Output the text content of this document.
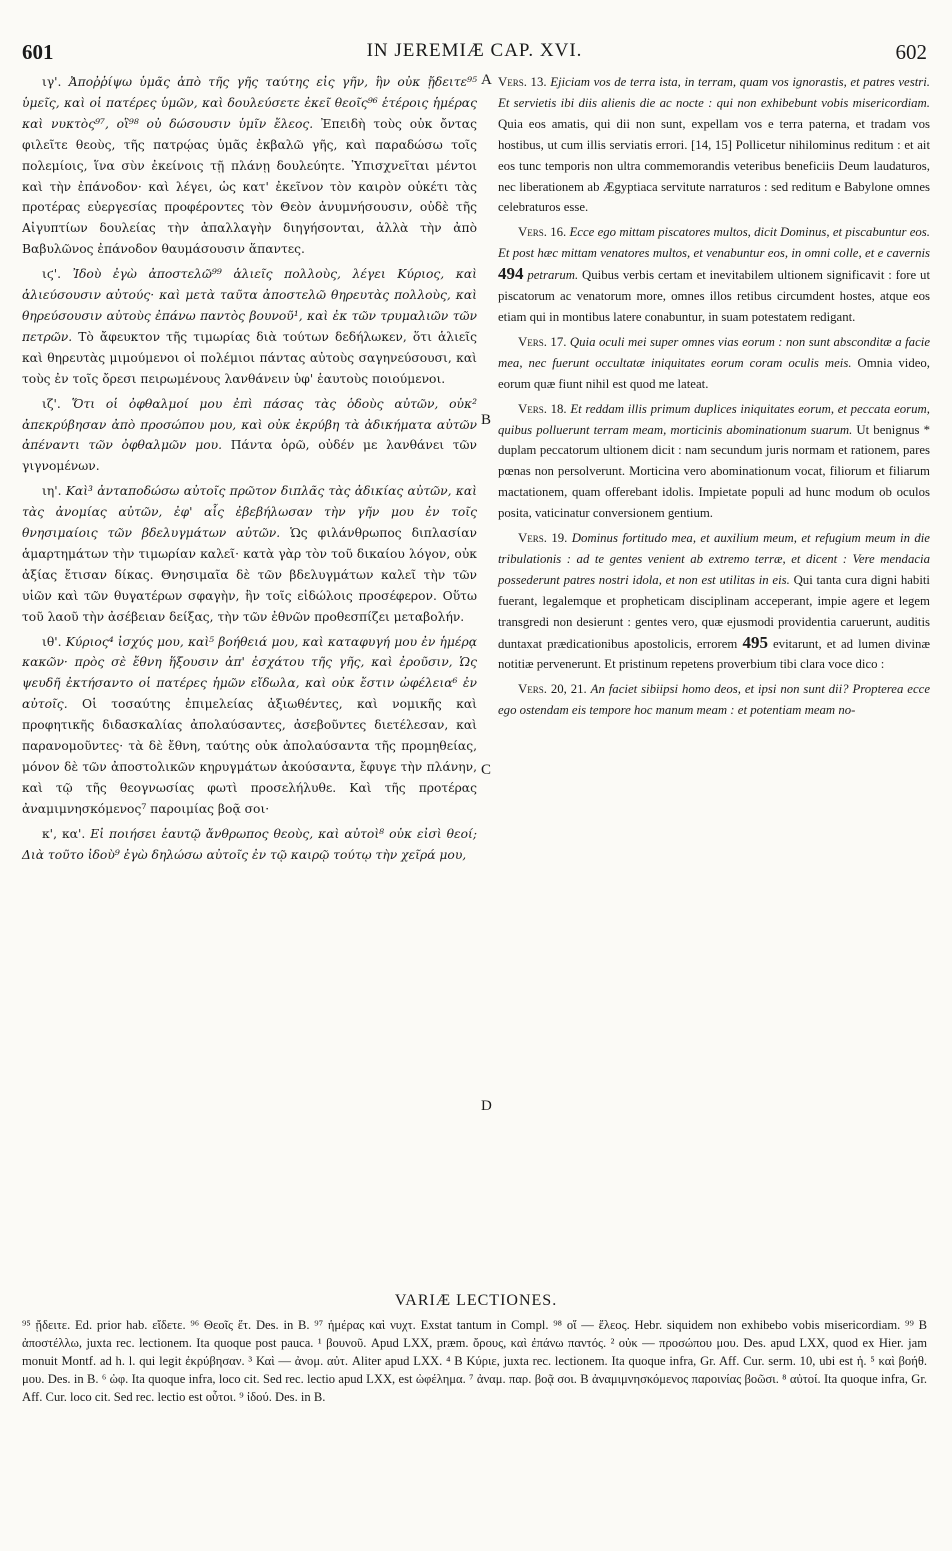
601	IN JEREMIÆ CAP. XVI.	602

ιγ'. Ἀποῤῥίψω ὑμᾶς ἀπὸ τῆς γῆς ταύτης εἰς γῆν, ἣν οὐκ ᾔδειτε⁹⁵ ὑμεῖς, καὶ οἱ πατέρες ὑμῶν, καὶ δουλεύσετε ἐκεῖ θεοῖς⁹⁶ ἑτέροις ἡμέρας καὶ νυκτὸς⁹⁷, οἳ⁹⁸ οὐ δώσουσιν ὑμῖν ἔλεος. Ἐπειδὴ τοὺς οὐκ ὄντας φιλεῖτε θεοὺς, τῆς πατρῴας ὑμᾶς ἐκβαλῶ γῆς, καὶ παραδώσω τοῖς πολεμίοις, ἵνα σὺν ἐκείνοις τῇ πλάνῃ δουλεύητε. Ὑπισχνεῖται μέντοι καὶ τὴν ἐπάνοδον· καὶ λέγει, ὡς κατ' ἐκεῖνον τὸν καιρὸν οὐκέτι τὰς προτέρας εὐεργεσίας προφέροντες τὸν Θεὸν ἀνυμνήσουσιν, οὐδὲ τῆς Αἰγυπτίων δουλείας τὴν ἀπαλλαγὴν διηγήσονται, ἀλλὰ τὴν ἀπὸ Βαβυλῶνος ἐπάνοδον θαυμάσουσιν ἅπαντες.

ιϛ'. Ἰδοὺ ἐγὼ ἀποστελῶ⁹⁹ ἁλιεῖς πολλοὺς, λέγει Κύριος, καὶ ἁλιεύσουσιν αὐτούς· καὶ μετὰ ταῦτα ἀποστελῶ θηρευτὰς πολλοὺς, καὶ θηρεύσουσιν αὐτοὺς ἐπάνω παντὸς βουνοῦ¹, καὶ ἐκ τῶν τρυμαλιῶν τῶν πετρῶν. Τὸ ἄφευκτον τῆς τιμωρίας διὰ τούτων δεδήλωκεν, ὅτι ἁλιεῖς καὶ θηρευτὰς μιμούμενοι οἱ πολέμιοι πάντας αὐτοὺς σαγηνεύσουσι, καὶ τοὺς ἐν τοῖς ὄρεσι πειρωμένους λανθάνειν ὑφ' ἑαυτοὺς ποιούμενοι.

ιζ'. Ὅτι οἱ ὀφθαλμοί μου ἐπὶ πάσας τὰς ὁδοὺς αὐτῶν, οὐκ² ἀπεκρύβησαν ἀπὸ προσώπου μου, καὶ οὐκ ἐκρύβη τὰ ἀδικήματα αὐτῶν ἀπέναντι τῶν ὀφθαλμῶν μου. Πάντα ὁρῶ, οὐδέν με λανθάνει τῶν γιγνομένων.

ιη'. Καὶ³ ἀνταποδώσω αὐτοῖς πρῶτον διπλᾶς τὰς ἀδικίας αὐτῶν, καὶ τὰς ἀνομίας αὐτῶν, ἐφ' αἷς ἐβεβήλωσαν τὴν γῆν μου ἐν τοῖς θνησιμαίοις τῶν βδελυγμάτων αὐτῶν. Ὡς φιλάνθρωπος διπλασίαν ἁμαρτημάτων τὴν τιμωρίαν καλεῖ· κατὰ γὰρ τὸν τοῦ δικαίου λόγον, οὐκ ἀξίας ἔτισαν δίκας. Θνησιμαῖα δὲ τῶν βδελυγμάτων καλεῖ τὴν τῶν υἱῶν καὶ τῶν θυγατέρων σφαγὴν, ἣν τοῖς εἰδώλοις προσέφερον. Οὕτω τοῦ λαοῦ τὴν ἀσέβειαν δείξας, τὴν τῶν ἐθνῶν προθεσπίζει μεταβολήν.

ιθ'. Κύριος⁴ ἰσχύς μου, καὶ⁵ βοήθειά μου, καὶ καταφυγή μου ἐν ἡμέρᾳ κακῶν· πρὸς σὲ ἔθνη ἥξουσιν ἀπ' ἐσχάτου τῆς γῆς, καὶ ἐροῦσιν, Ὡς ψευδῆ ἐκτήσαντο οἱ πατέρες ἡμῶν εἴδωλα, καὶ οὐκ ἔστιν ὠφέλεια⁶ ἐν αὐτοῖς. Οἱ τοσαύτης ἐπιμελείας ἀξιωθέντες, καὶ νομικῆς καὶ προφητικῆς διδασκαλίας ἀπολαύσαντες, ἀσεβοῦντες διετέλεσαν, καὶ παρανομοῦντες· τὰ δὲ ἔθνη, ταύτης οὐκ ἀπολαύσαντα τῆς προμηθείας, μόνον δὲ τῶν ἀποστολικῶν κηρυγμάτων ἀκούσαντα, ἔφυγε τὴν πλάνην, καὶ τῷ τῆς θεογνωσίας φωτὶ προσελήλυθε. Καὶ τῆς προτέρας ἀναμιμνησκόμενος⁷ παροιμίας βοᾷ σοι·

κ', κα'. Εἰ ποιήσει ἑαυτῷ ἄνθρωπος θεοὺς, καὶ αὐτοὶ⁸ οὐκ εἰσὶ θεοί; Διὰ τοῦτο ἰδοὺ⁹ ἐγὼ δηλώσω αὐτοῖς ἐν τῷ καιρῷ τούτῳ τὴν χεῖρά μου,

A
B
C
D

Vers. 13. Ejiciam vos de terra ista, in terram, quam vos ignorastis, et patres vestri. Et servietis ibi diis alienis die ac nocte : qui non exhibebunt vobis misericordiam. Quia eos amatis, qui dii non sunt, expellam vos e terra paterna, et tradam vos hostibus, ut cum illis serviatis errori. [14, 15] Pollicetur nihilominus reditum : et ait eos tunc temporis non ultra commemorandis veteribus beneficiis Deum laudaturos, nec liberationem ab Ægyptiaca servitute narraturos : sed reditum e Babylone omnes celebraturos esse.

Vers. 16. Ecce ego mittam piscatores multos, dicit Dominus, et piscabuntur eos. Et post hæc mittam venatores multos, et venabuntur eos, in omni colle, et e cavernis 494 petrarum. Quibus verbis certam et inevitabilem ultionem significavit : fore ut piscatorum ac venatorum more, omnes illos retibus circumdent hostes, atque eos etiam qui in montibus latere conabuntur, in suam potestatem redigant.

Vers. 17. Quia oculi mei super omnes vias eorum : non sunt absconditæ a facie mea, nec fuerunt occultatæ iniquitates eorum coram oculis meis. Omnia video, eorum quæ fiunt nihil est quod me lateat.

Vers. 18. Et reddam illis primum duplices iniquitates eorum, et peccata eorum, quibus polluerunt terram meam, morticinis abominationum suarum. Ut benignus * duplam peccatorum ultionem dicit : nam secundum juris normam et rationem, pares pœnas non persolverunt. Morticina vero abominationum vocat, filiorum et filiarum mactationem, quam offerebant idolis. Impietate populi ad hunc modum ob oculos posita, vaticinatur conversionem gentium.

Vers. 19. Dominus fortitudo mea, et auxilium meum, et refugium meum in die tribulationis : ad te gentes venient ab extremo terræ, et dicent : Vere mendacia possederunt patres nostri idola, et non est utilitas in eis. Qui tanta cura digni habiti fuerant, legalemque et propheticam disciplinam acceperant, impie agere et legem transgredi non desierunt : gentes vero, quæ ejusmodi providentia caruerunt, auditis duntaxat prædicationibus apostolicis, errorem 495 evitarunt, et ad lumen divinæ notitiæ pervenerunt. Et pristinum repetens proverbium tibi clara voce dico :

Vers. 20, 21. An faciet sibiipsi homo deos, et ipsi non sunt dii? Propterea ecce ego ostendam eis tempore hoc manum meam : et potentiam meam no-

VARIÆ LECTIONES.
⁹⁵ ᾔδειτε. Ed. prior hab. εἴδετε. ⁹⁶ Θεοῖς ἕτ. Des. in B. ⁹⁷ ἡμέρας καὶ νυχτ. Exstat tantum in Compl. ⁹⁸ οἵ — ἔλεος. Hebr. siquidem non exhibebo vobis misericordiam. ⁹⁹ B ἀποστέλλω, juxta rec. lectionem. Ita quoque post pauca. ¹ βουνοῦ. Apud LXX, præm. ὄρους, καὶ ἐπάνω παντός. ² οὐκ — προσώπου μου. Des. apud LXX, quod ex Hier. jam monuit Montf. ad h. l. qui legit ἐκρύβησαν. ³ Καὶ — ἀνομ. αὐτ. Aliter apud LXX. ⁴ B Κύριε, juxta rec. lectionem. Ita quoque infra, Gr. Aff. Cur. serm. 10, ubi est ἡ. ⁵ καὶ βοήθ. μου. Des. in B. ⁶ ὠφ. Ita quoque infra, loco cit. Sed rec. lectio apud LXX, est ὠφέλημα. ⁷ ἀναμ. παρ. βοᾷ σοι. B ἀναμιμνησκόμενος παροινίας βοῶσι. ⁸ αὐτοί. Ita quoque infra, Gr. Aff. Cur. loco cit. Sed rec. lectio est οὗτοι. ⁹ ἰδού. Des. in B.
